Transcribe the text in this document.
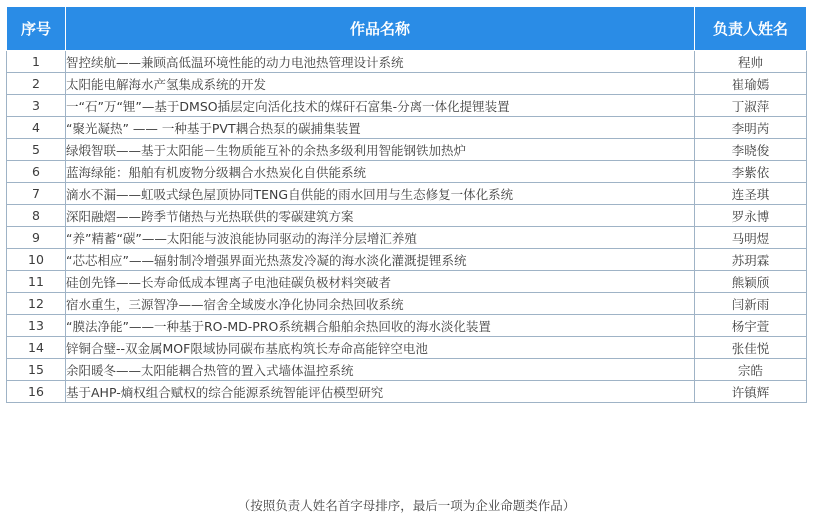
序号	作品名称	负责人姓名
1	智控续航——兼顾高低温环境性能的动力电池热管理设计系统	程帅
2	太阳能电解海水产氢集成系统的开发	崔瑜嫣
3	一“石”万“锂”—基于DMSO插层定向活化技术的煤矸石富集-分离一体化提锂装置	丁淑萍
4	“聚光凝热” —— 一种基于PVT耦合热泵的碳捕集装置	李明芮
5	绿煅智联——基于太阳能－生物质能互补的余热多级利用智能钢铁加热炉	李晓俊
6	蓝海绿能：船舶有机废物分级耦合水热炭化自供能系统	李紫依
7	滴水不漏——虹吸式绿色屋顶协同TENG自供能的雨水回用与生态修复一体化系统	连圣琪
8	深阳融熠——跨季节储热与光热联供的零碳建筑方案	罗永博
9	“养”精蓄“碳”——太阳能与波浪能协同驱动的海洋分层增汇养殖	马明煜
10	“芯芯相应”——辐射制冷增强界面光热蒸发冷凝的海水淡化灌溉提锂系统	苏玥霖
11	硅创先锋——长寿命低成本锂离子电池硅碳负极材料突破者	熊颖颀
12	宿水重生，三源智净——宿舍全域废水净化协同余热回收系统	闫新雨
13	“膜法净能”——一种基于RO-MD-PRO系统耦合船舶余热回收的海水淡化装置	杨宇萱
14	锌铜合璧--双金属MOF限域协同碳布基底构筑长寿命高能锌空电池	张佳悦
15	余阳暖冬——太阳能耦合热管的置入式墙体温控系统	宗皓
16	基于AHP-熵权组合赋权的综合能源系统智能评估模型研究	许镇辉
（按照负责人姓名首字母排序，最后一项为企业命题类作品）
